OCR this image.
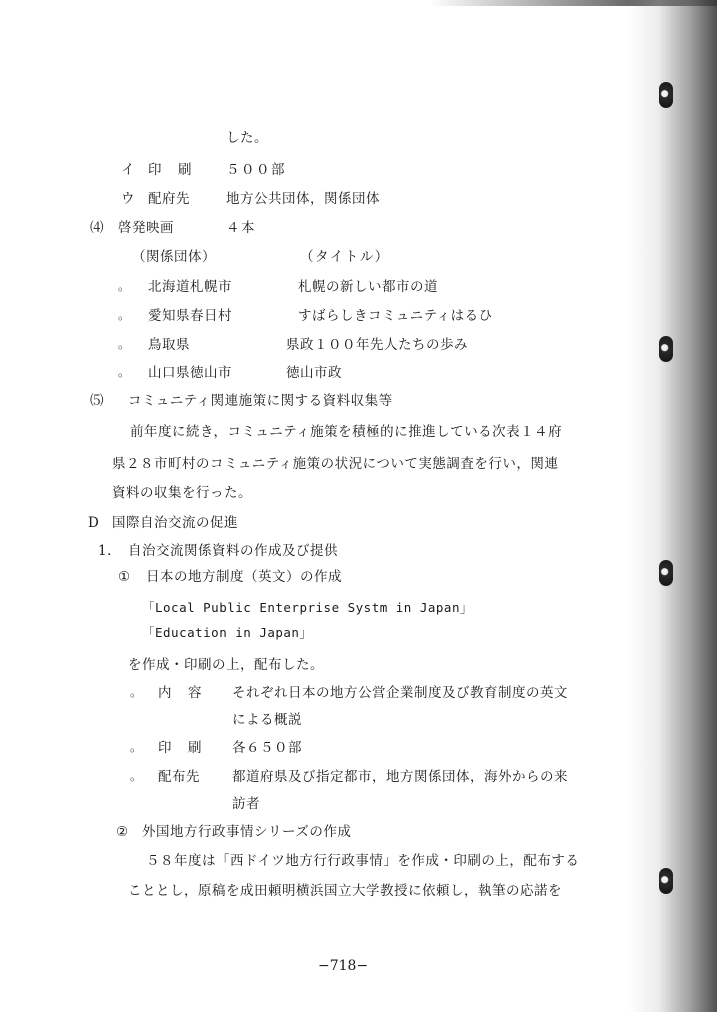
した。
イ 印　刷 ５００部
ウ 配府先	地方公共団体，関係団体
⑷ 啓発映画	４本
（関係団体）	（タイトル）
。 北海道札幌市	札幌の新しい都市の道
。 愛知県春日村	すばらしきコミュニティはるひ
。 鳥取県	県政１００年先人たちの歩み
。 山口県徳山市	徳山市政
⑸ コミュニティ関連施策に関する資料収集等
前年度に続き，コミュニティ施策を積極的に推進している次表１４府
県２８市町村のコミュニティ施策の状況について実態調査を行い，関連
資料の収集を行った。
D 国際自治交流の促進
1. 自治交流関係資料の作成及び提供
① 日本の地方制度（英文）の作成
「Local Public Enterprise Systm in Japan」
「Education in Japan」
を作成・印刷の上，配布した。
。 内　容 それぞれ日本の地方公営企業制度及び教育制度の英文
による概説
。 印　刷 各６５０部
。 配布先 都道府県及び指定都市，地方関係団体，海外からの来
訪者
② 外国地方行政事情シリーズの作成
５８年度は「西ドイツ地方行行政事情」を作成・印刷の上，配布する
こととし，原稿を成田頼明横浜国立大学教授に依頼し，執筆の応諾を
−718−
